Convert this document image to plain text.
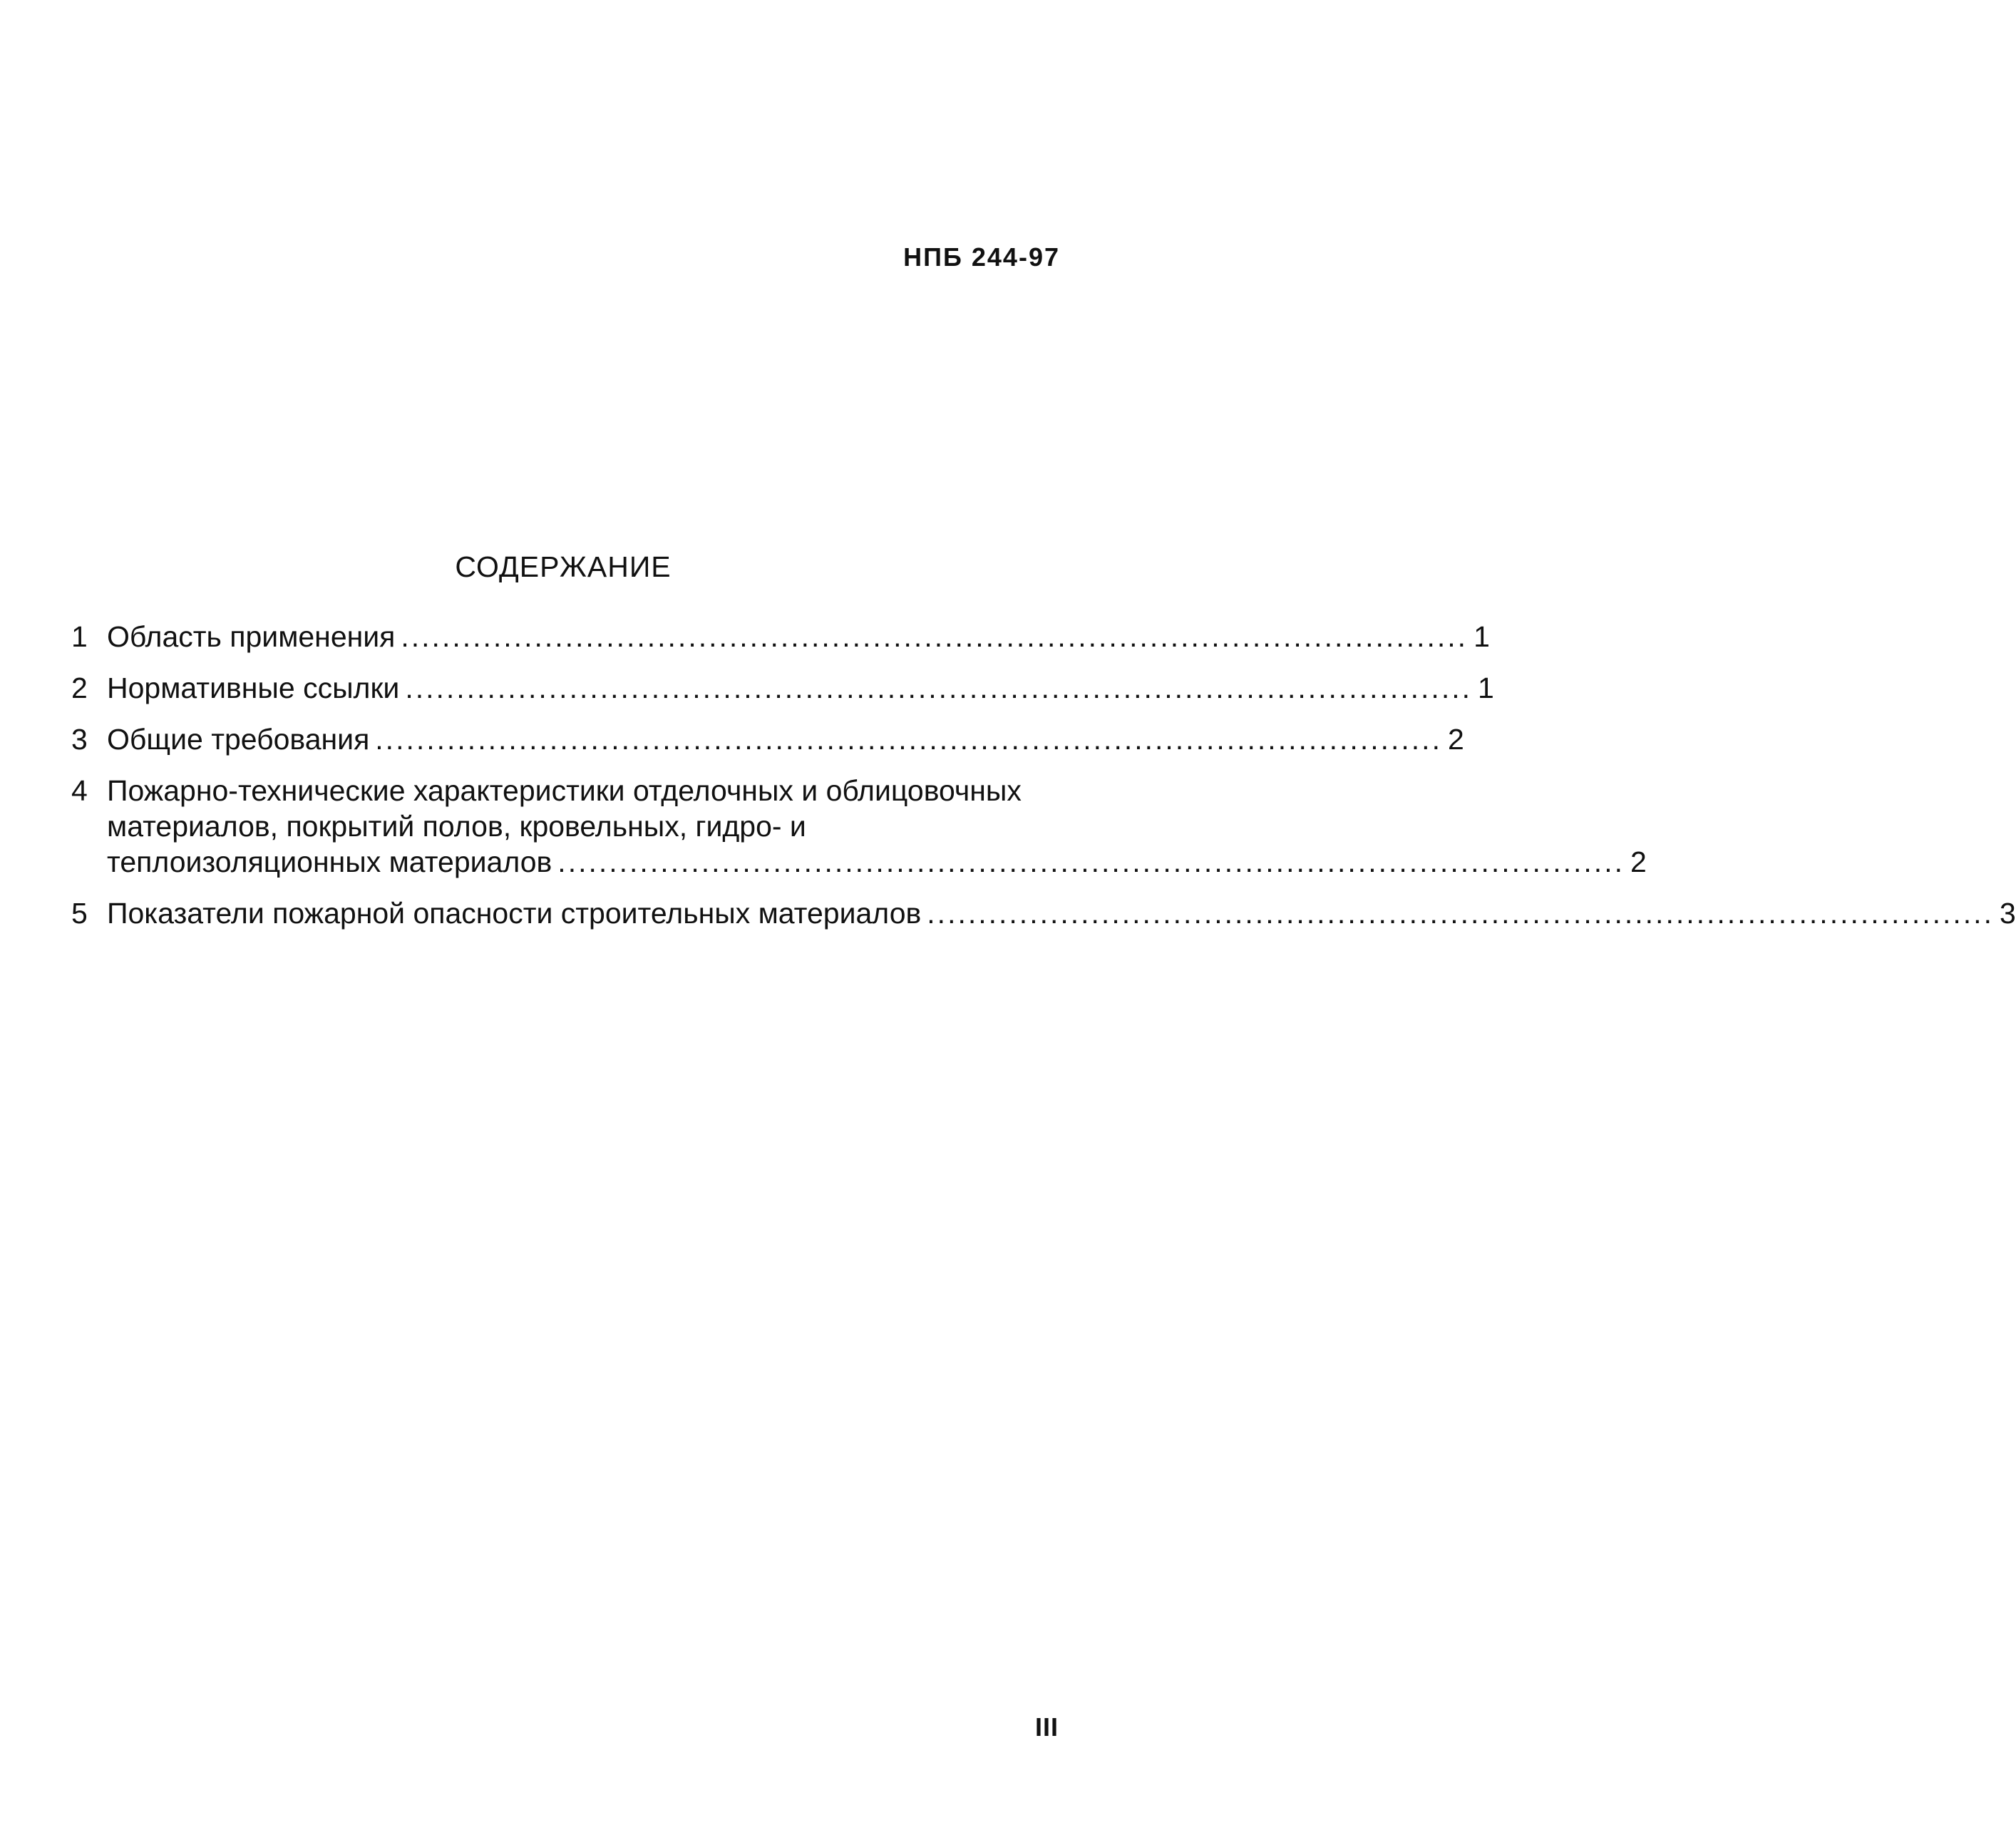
НПБ 244-97
СОДЕРЖАНИЕ
1 Область применения ........................................................................................................ 1
2 Нормативные ссылки ........................................................................................................ 1
3 Общие требования ........................................................................................................ 2
4 Пожарно-технические характеристики отделочных и облицовочных
материалов, покрытий полов, кровельных, гидро- и
теплоизоляционных материалов ........................................................................................................ 2
5 Показатели пожарной опасности строительных материалов ........................................................................................................ 3
III
